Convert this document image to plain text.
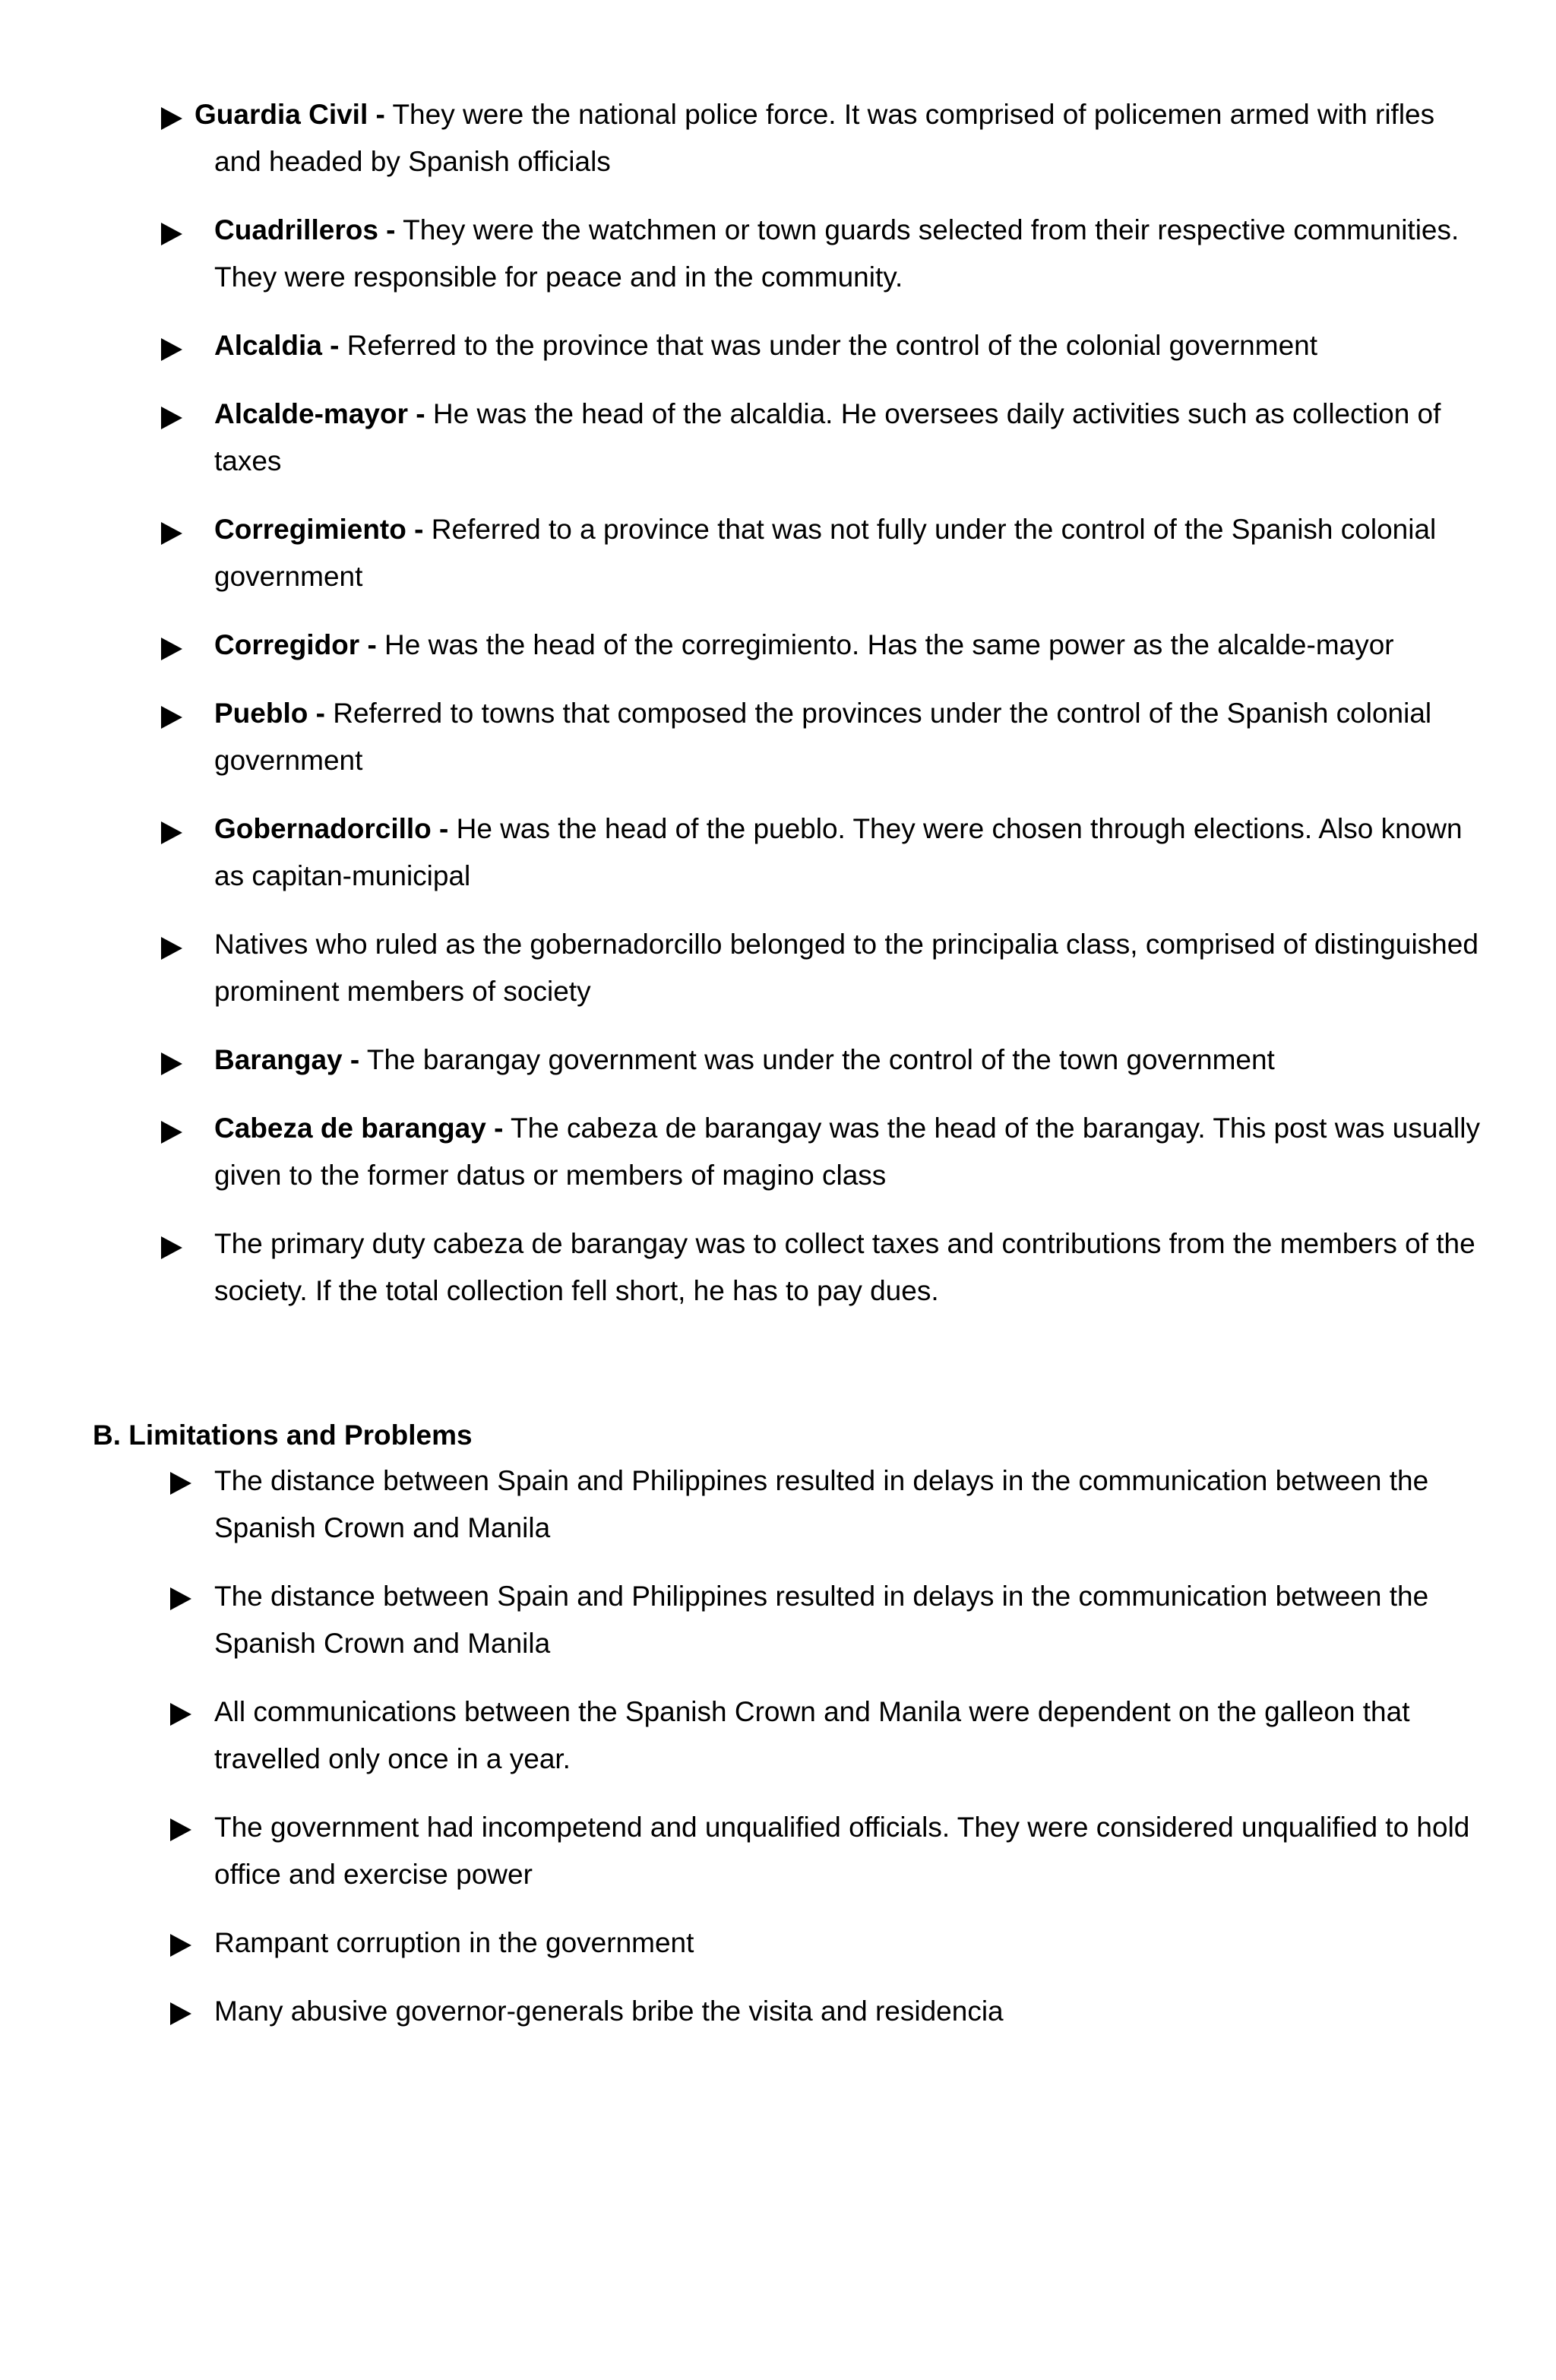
Guardia Civil - They were the national police force. It was comprised of policemen armed with rifles and headed by Spanish officials
Cuadrilleros - They were the watchmen or town guards selected from their respective communities. They were responsible for peace and in the community.
Alcaldia - Referred to the province that was under the control of the colonial government
Alcalde-mayor - He was the head of the alcaldia. He oversees daily activities such as collection of taxes
Corregimiento - Referred to a province that was not fully under the control of the Spanish colonial government
Corregidor - He was the head of the corregimiento. Has the same power as the alcalde-mayor
Pueblo - Referred to towns that composed the provinces under the control of the Spanish colonial government
Gobernadorcillo - He was the head of the pueblo. They were chosen through elections. Also known as capitan-municipal
Natives who ruled as the gobernadorcillo belonged to the principalia class, comprised of distinguished prominent members of society
Barangay - The barangay government was under the control of the town government
Cabeza de barangay - The cabeza de barangay was the head of the barangay. This post was usually given to the former datus or members of magino class
The primary duty cabeza de barangay was to collect taxes and contributions from the members of the society. If the total collection fell short, he has to pay dues.
B. Limitations and Problems
The distance between Spain and Philippines resulted in delays in the communication between the Spanish Crown and Manila
The distance between Spain and Philippines resulted in delays in the communication between the Spanish Crown and Manila
All communications between the Spanish Crown and Manila were dependent on the galleon that travelled only once in a year.
The government had incompetend and unqualified officials. They were considered unqualified to hold office and exercise power
Rampant corruption in the government
Many abusive governor-generals bribe the visita and residencia
